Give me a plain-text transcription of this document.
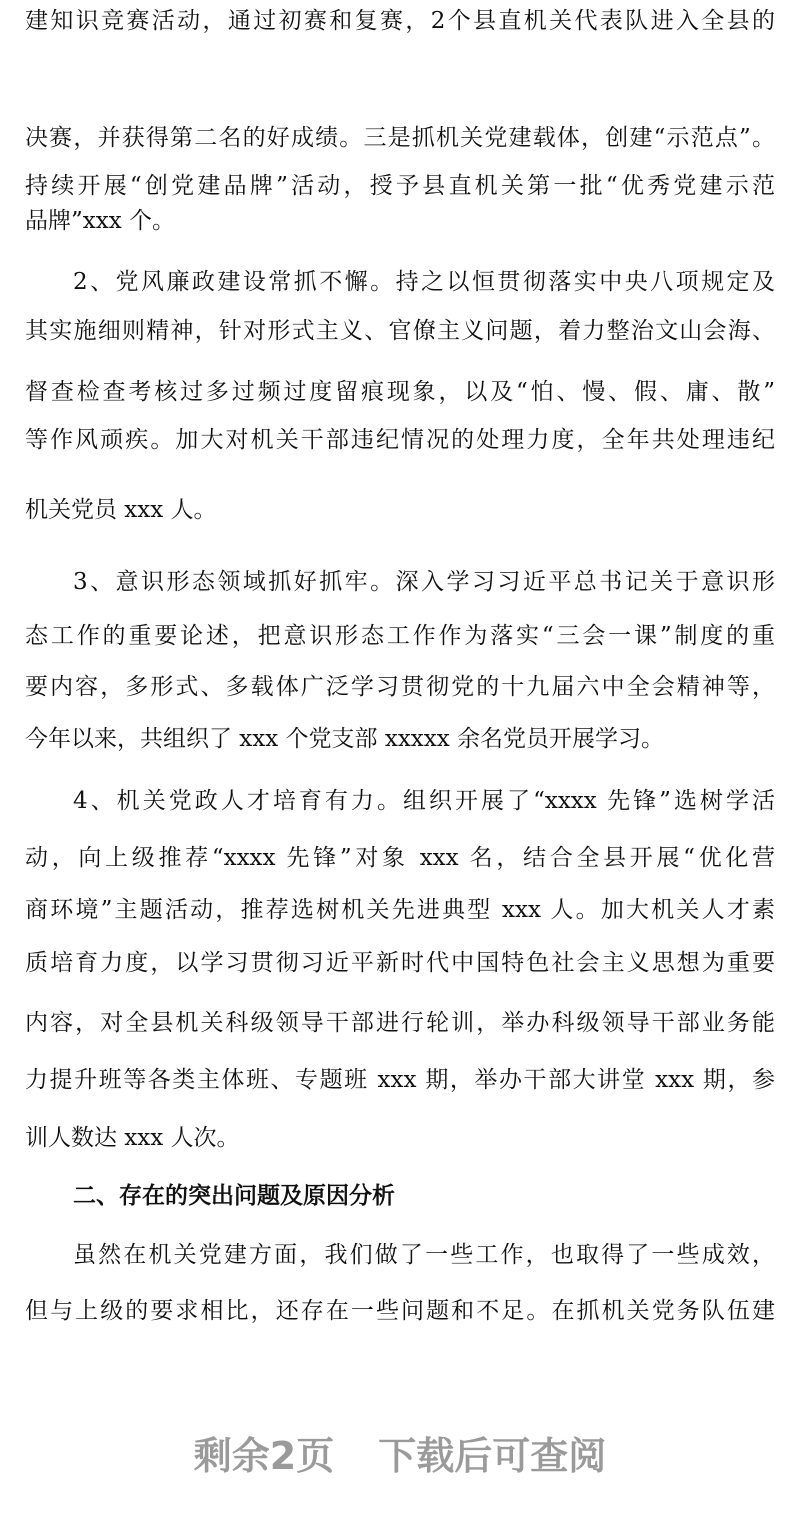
建知识竞赛活动，通过初赛和复赛，2个县直机关代表队进入全县的
决赛，并获得第二名的好成绩。三是抓机关党建载体，创建“示范点”。
持续开展“创党建品牌”活动，授予县直机关第一批“优秀党建示范
品牌”xxx 个。
2、党风廉政建设常抓不懈。持之以恒贯彻落实中央八项规定及
其实施细则精神，针对形式主义、官僚主义问题，着力整治文山会海、
督查检查考核过多过频过度留痕现象，以及“怕、慢、假、庸、散”
等作风顽疾。加大对机关干部违纪情况的处理力度，全年共处理违纪
机关党员 xxx 人。
3、意识形态领域抓好抓牢。深入学习习近平总书记关于意识形
态工作的重要论述，把意识形态工作作为落实“三会一课”制度的重
要内容，多形式、多载体广泛学习贯彻党的十九届六中全会精神等，
今年以来，共组织了 xxx 个党支部 xxxxx 余名党员开展学习。
4、机关党政人才培育有力。组织开展了“xxxx 先锋”选树学活
动，向上级推荐“xxxx 先锋”对象 xxx 名，结合全县开展“优化营
商环境”主题活动，推荐选树机关先进典型 xxx 人。加大机关人才素
质培育力度，以学习贯彻习近平新时代中国特色社会主义思想为重要
内容，对全县机关科级领导干部进行轮训，举办科级领导干部业务能
力提升班等各类主体班、专题班 xxx 期，举办干部大讲堂 xxx 期，参
训人数达 xxx 人次。
二、存在的突出问题及原因分析
虽然在机关党建方面，我们做了一些工作，也取得了一些成效，
但与上级的要求相比，还存在一些问题和不足。在抓机关党务队伍建
剩余2页 下载后可查阅
